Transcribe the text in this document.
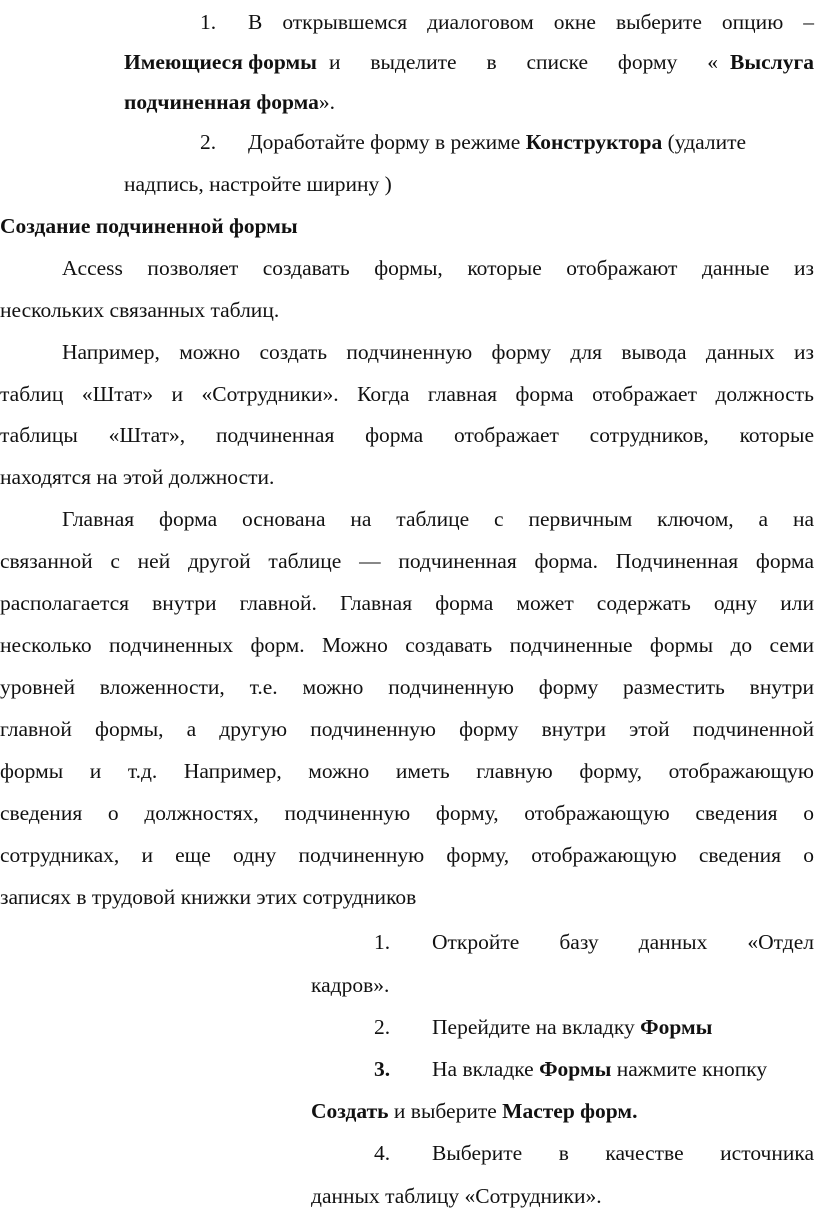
1. В открывшемся диалоговом окне выберите опцию –
Имеющиеся формы и выделите в списке форму « Выслуга
подчиненная форма».
2. Доработайте форму в режиме Конструктора (удалите
надпись, настройте ширину )
Создание подчиненной формы
Access позволяет создавать формы, которые отображают данные из
нескольких связанных таблиц.
Например, можно создать подчиненную форму для вывода данных из
таблиц «Штат» и «Сотрудники». Когда главная форма отображает должность
таблицы «Штат», подчиненная форма отображает сотрудников, которые
находятся на этой должности.
Главная форма основана на таблице с первичным ключом, а на
связанной с ней другой таблице — подчиненная форма. Подчиненная форма
располагается внутри главной. Главная форма может содержать одну или
несколько подчиненных форм. Можно создавать подчиненные формы до семи
уровней вложенности, т.е. можно подчиненную форму разместить внутри
главной формы, а другую подчиненную форму внутри этой подчиненной
формы и т.д. Например, можно иметь главную форму, отображающую
сведения о должностях, подчиненную форму, отображающую сведения о
сотрудниках, и еще одну подчиненную форму, отображающую сведения о
записях в трудовой книжки этих сотрудников
1. Откройте базу данных «Отдел
кадров».
2. Перейдите на вкладку Формы
3. На вкладке Формы нажмите кнопку
Создать и выберите Мастер форм.
4. Выберите в качестве источника
данных таблицу «Сотрудники».
